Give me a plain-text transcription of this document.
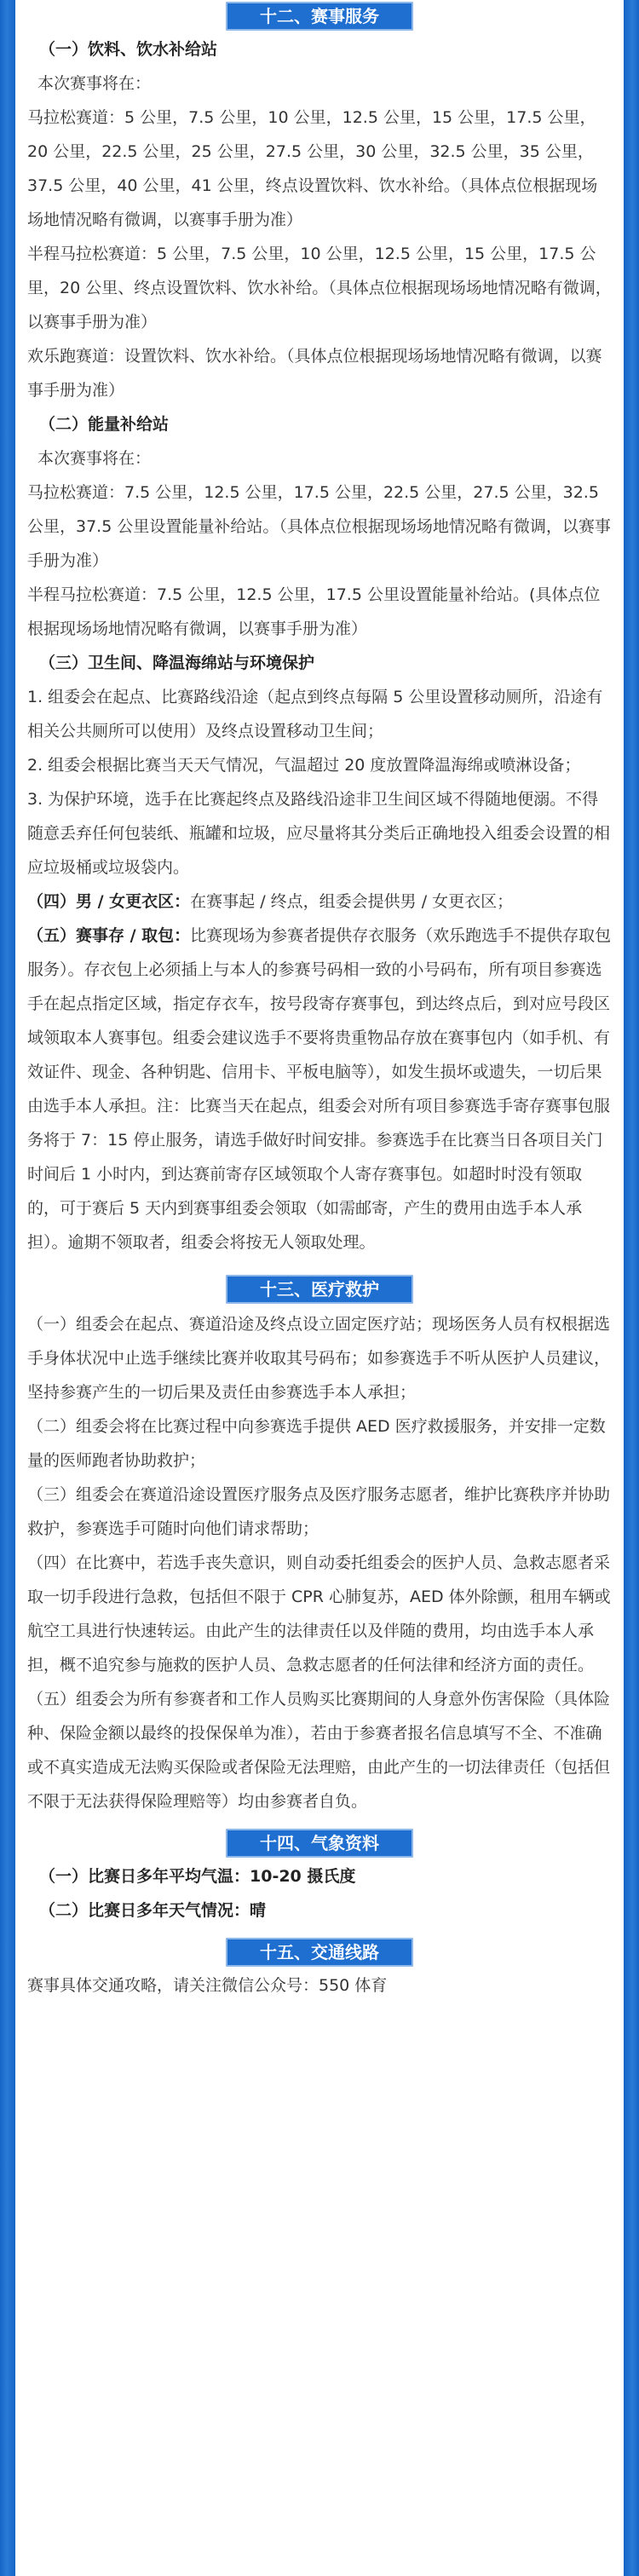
十二、赛事服务
（一）饮料、饮水补给站
本次赛事将在：
马拉松赛道：5 公里，7.5 公里，10 公里，12.5 公里，15 公里，17.5 公里，20 公里，22.5 公里，25 公里，27.5 公里，30 公里，32.5 公里，35 公里，37.5 公里，40 公里，41 公里，终点设置饮料、饮水补给。（具体点位根据现场场地情况略有微调，以赛事手册为准）
半程马拉松赛道：5 公里，7.5 公里，10 公里，12.5 公里，15 公里，17.5 公里，20 公里、终点设置饮料、饮水补给。（具体点位根据现场场地情况略有微调，以赛事手册为准）
欢乐跑赛道：设置饮料、饮水补给。（具体点位根据现场场地情况略有微调，以赛事手册为准）
（二）能量补给站
本次赛事将在：
马拉松赛道：7.5 公里，12.5 公里，17.5 公里，22.5 公里，27.5 公里，32.5 公里，37.5 公里设置能量补给站。（具体点位根据现场场地情况略有微调，以赛事手册为准）
半程马拉松赛道：7.5 公里，12.5 公里，17.5 公里设置能量补给站。(具体点位根据现场场地情况略有微调，以赛事手册为准）
（三）卫生间、降温海绵站与环境保护
1. 组委会在起点、比赛路线沿途（起点到终点每隔 5 公里设置移动厕所，沿途有相关公共厕所可以使用）及终点设置移动卫生间；
2. 组委会根据比赛当天天气情况，气温超过 20 度放置降温海绵或喷淋设备；
3. 为保护环境，选手在比赛起终点及路线沿途非卫生间区域不得随地便溺。不得随意丢弃任何包装纸、瓶罐和垃圾，应尽量将其分类后正确地投入组委会设置的相应垃圾桶或垃圾袋内。
（四）男 / 女更衣区：在赛事起 / 终点，组委会提供男 / 女更衣区；
（五）赛事存 / 取包：比赛现场为参赛者提供存衣服务（欢乐跑选手不提供存取包服务）。存衣包上必须插上与本人的参赛号码相一致的小号码布，所有项目参赛选手在起点指定区域，指定存衣车，按号段寄存赛事包，到达终点后，到对应号段区域领取本人赛事包。组委会建议选手不要将贵重物品存放在赛事包内（如手机、有效证件、现金、各种钥匙、信用卡、平板电脑等），如发生损坏或遗失，一切后果由选手本人承担。注：比赛当天在起点，组委会对所有项目参赛选手寄存赛事包服务将于 7：15 停止服务，请选手做好时间安排。参赛选手在比赛当日各项目关门时间后 1 小时内，到达赛前寄存区域领取个人寄存赛事包。如超时时没有领取的，可于赛后 5 天内到赛事组委会领取（如需邮寄，产生的费用由选手本人承担）。逾期不领取者，组委会将按无人领取处理。
十三、医疗救护
（一）组委会在起点、赛道沿途及终点设立固定医疗站；现场医务人员有权根据选手身体状况中止选手继续比赛并收取其号码布；如参赛选手不听从医护人员建议，坚持参赛产生的一切后果及责任由参赛选手本人承担；
（二）组委会将在比赛过程中向参赛选手提供 AED 医疗救援服务，并安排一定数量的医师跑者协助救护；
（三）组委会在赛道沿途设置医疗服务点及医疗服务志愿者，维护比赛秩序并协助救护，参赛选手可随时向他们请求帮助；
（四）在比赛中，若选手丧失意识，则自动委托组委会的医护人员、急救志愿者采取一切手段进行急救，包括但不限于 CPR 心肺复苏，AED 体外除颤，租用车辆或航空工具进行快速转运。由此产生的法律责任以及伴随的费用，均由选手本人承担，概不追究参与施救的医护人员、急救志愿者的任何法律和经济方面的责任。
（五）组委会为所有参赛者和工作人员购买比赛期间的人身意外伤害保险（具体险种、保险金额以最终的投保保单为准），若由于参赛者报名信息填写不全、不准确或不真实造成无法购买保险或者保险无法理赔，由此产生的一切法律责任（包括但不限于无法获得保险理赔等）均由参赛者自负。
十四、气象资料
（一）比赛日多年平均气温：10-20 摄氏度
（二）比赛日多年天气情况：晴
十五、交通线路
赛事具体交通攻略，请关注微信公众号：550 体育
